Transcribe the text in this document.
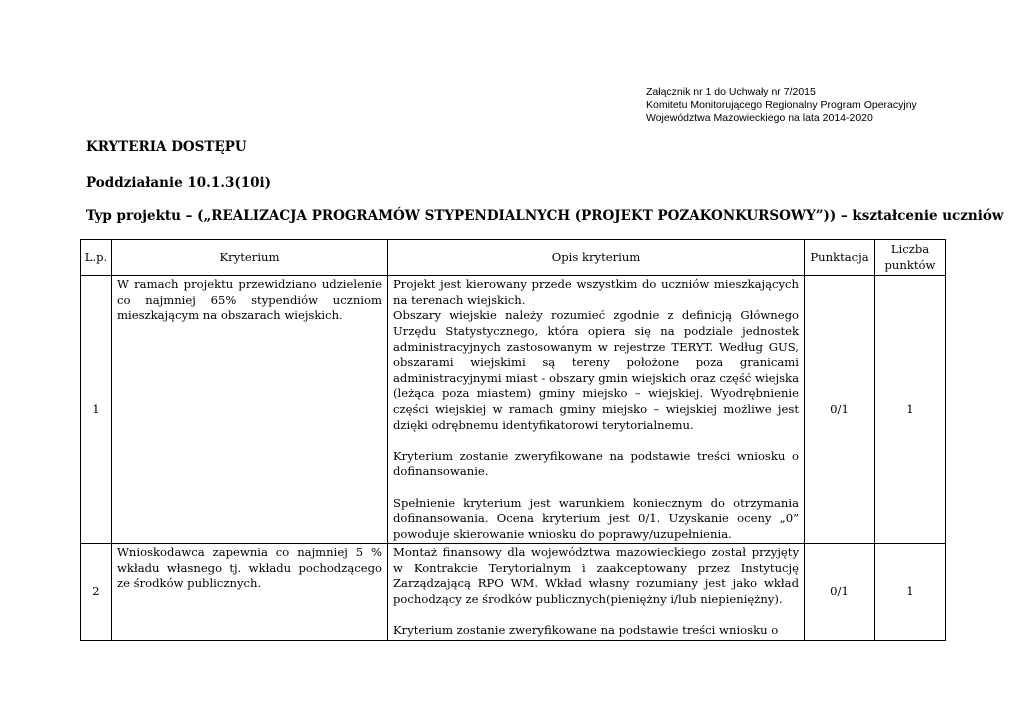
Załącznik nr 1 do Uchwały nr 7/2015
Komitetu Monitorującego Regionalny Program Operacyjny
Województwa Mazowieckiego na lata 2014-2020
KRYTERIA DOSTĘPU
Poddziałanie 10.1.3(10i)
Typ projektu – („REALIZACJA PROGRAMÓW STYPENDIALNYCH (PROJEKT POZAKONKURSOWY”)) – kształcenie uczniów
L.p.	Kryterium	Opis kryterium	Punktacja	Liczba punktów
1	W ramach projektu przewidziano udzielenie co najmniej 65% stypendiów uczniom mieszkającym na obszarach wiejskich.	Projekt jest kierowany przede wszystkim do uczniów mieszkających na terenach wiejskich.
Obszary wiejskie należy rozumieć zgodnie z definicją Głównego Urzędu Statystycznego, która opiera się na podziale jednostek administracyjnych zastosowanym w rejestrze TERYT. Według GUS, obszarami wiejskimi są tereny położone poza granicami administracyjnymi miast - obszary gmin wiejskich oraz część wiejska (leżąca poza miastem) gminy miejsko – wiejskiej. Wyodrębnienie części wiejskiej w ramach gminy miejsko – wiejskiej możliwe jest dzięki odrębnemu identyfikatorowi terytorialnemu.
Kryterium zostanie zweryfikowane na podstawie treści wniosku o dofinansowanie.
Spełnienie kryterium jest warunkiem koniecznym do otrzymania dofinansowania. Ocena kryterium jest 0/1. Uzyskanie oceny „0” powoduje skierowanie wniosku do poprawy/uzupełnienia.	0/1	1
2	Wnioskodawca zapewnia co najmniej 5 % wkładu własnego tj. wkładu pochodzącego ze środków publicznych.	Montaż finansowy dla województwa mazowieckiego został przyjęty w Kontrakcie Terytorialnym i zaakceptowany przez Instytucję Zarządzającą RPO WM. Wkład własny rozumiany jest jako wkład pochodzący ze środków publicznych(pieniężny i/lub niepieniężny).
Kryterium zostanie zweryfikowane na podstawie treści wniosku o	0/1	1
